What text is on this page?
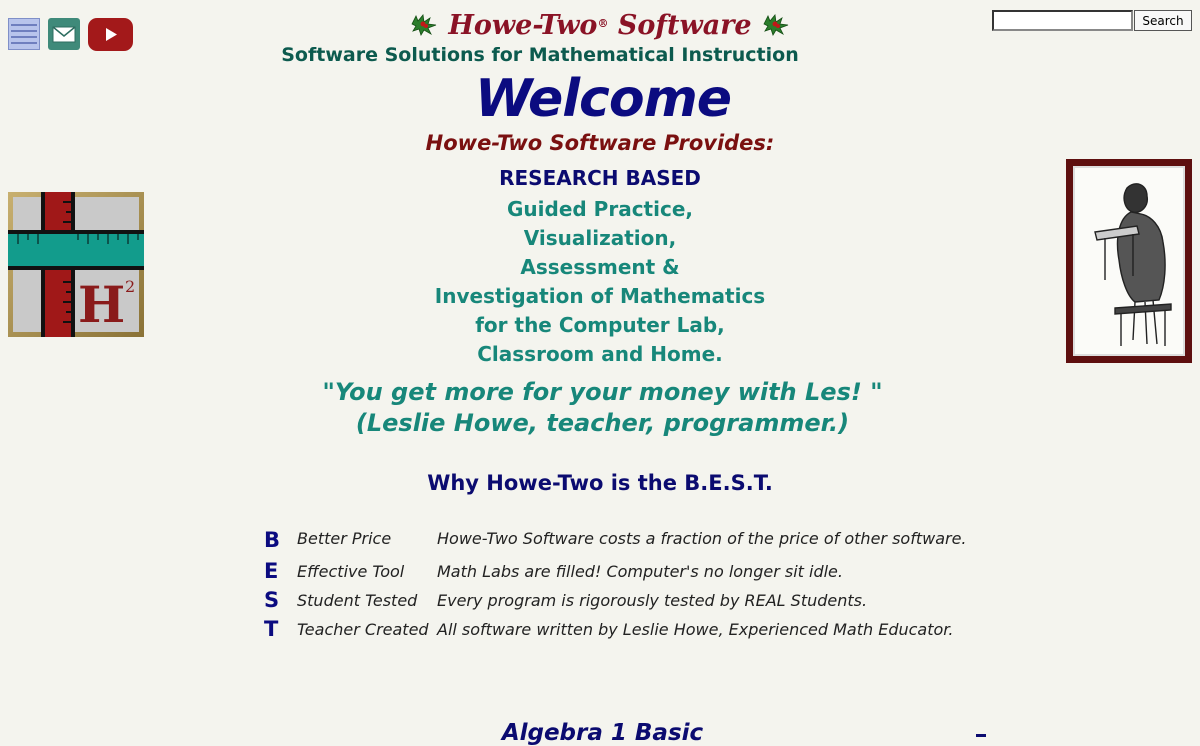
Search
Howe-Two® Software
Software Solutions for Mathematical Instruction
Welcome
Howe-Two Software Provides:
RESEARCH BASED
Guided Practice,
Visualization,
Assessment &
Investigation of Mathematics
for the Computer Lab,
Classroom and Home.
"You get more for your money with Les! "
(Leslie Howe, teacher, programmer.)
Why Howe-Two is the B.E.S.T.
B Better Price	Howe-Two Software costs a fraction of the price of other software.
E Effective Tool Math Labs are filled! Computer's no longer sit idle.
S Student Tested Every program is rigorously tested by REAL Students.
T Teacher Created All software written by Leslie Howe, Experienced Math Educator.
Algebra 1 Basic
H 2
